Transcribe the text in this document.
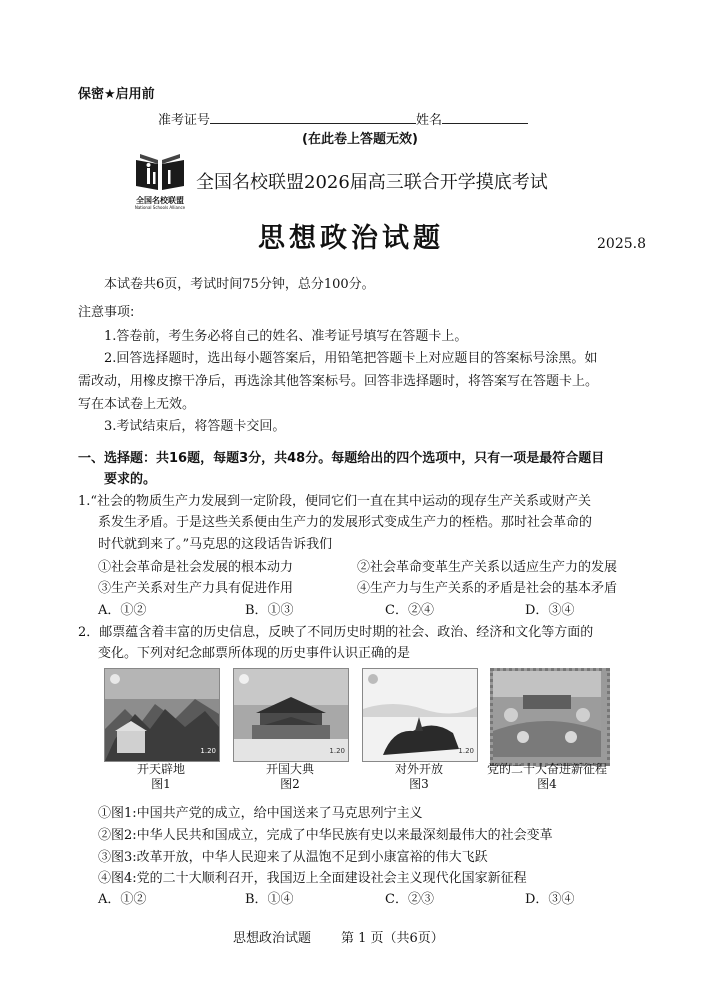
保密★启用前
准考证号	姓名
(在此卷上答题无效)
全国名校联盟
National Schools Alliance
全国名校联盟2026届高三联合开学摸底考试
思想政治试题	2025.8
本试卷共6页，考试时间75分钟，总分100分。
注意事项:
1.答卷前，考生务必将自己的姓名、准考证号填写在答题卡上。
2.回答选择题时，选出每小题答案后，用铅笔把答题卡上对应题目的答案标号涂黑。如
需改动，用橡皮擦干净后，再选涂其他答案标号。回答非选择题时，将答案写在答题卡上。
写在本试卷上无效。
3.考试结束后，将答题卡交回。
一、选择题：共16题，每题3分，共48分。每题给出的四个选项中，只有一项是最符合题目
要求的。
1.“社会的物质生产力发展到一定阶段，便同它们一直在其中运动的现存生产关系或财产关
系发生矛盾。于是这些关系便由生产力的发展形式变成生产力的桎梏。那时社会革命的
时代就到来了。”马克思的这段话告诉我们
①社会革命是社会发展的根本动力	②社会革命变革生产关系以适应生产力的发展
③生产关系对生产力具有促进作用	④生产力与生产关系的矛盾是社会的基本矛盾
A．①②	B．①③	C．②④	D．③④
2．邮票蕴含着丰富的历史信息，反映了不同历史时期的社会、政治、经济和文化等方面的
变化。下列对纪念邮票所体现的历史事件认识正确的是
1.20	1.20	1.20
开天辟地
图1
开国大典
图2
对外开放
图3
党的二十大奋进新征程
图4
①图1:中国共产党的成立，给中国送来了马克思列宁主义
②图2:中华人民共和国成立，完成了中华民族有史以来最深刻最伟大的社会变革
③图3:改革开放，中华人民迎来了从温饱不足到小康富裕的伟大飞跃
④图4:党的二十大顺利召开，我国迈上全面建设社会主义现代化国家新征程
A．①②	B．①④	C．②③	D．③④
思想政治试题 第 1 页（共6页）
